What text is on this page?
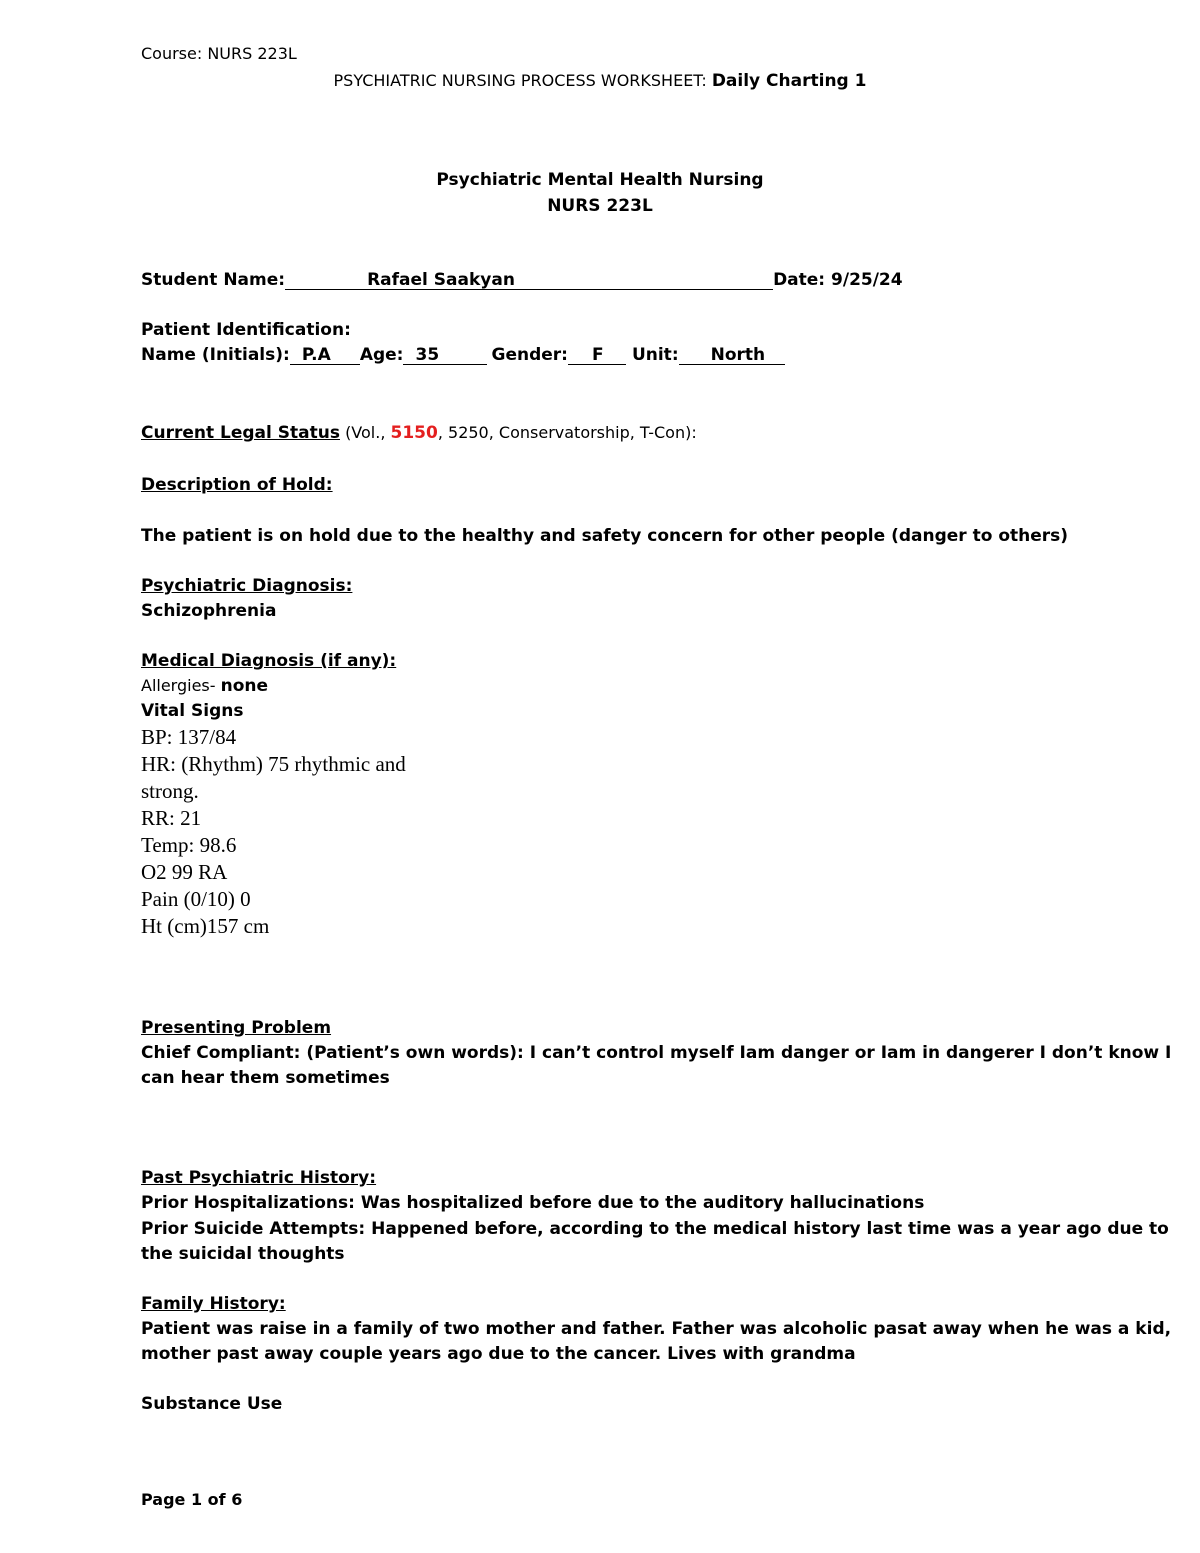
Course: NURS 223L
PSYCHIATRIC NURSING PROCESS WORKSHEET: Daily Charting 1
Psychiatric Mental Health Nursing
NURS 223L
Student Name:	Rafael Saakyan	Date: 9/25/24
Patient Identification:
Name (Initials): P.A Age: 35	Gender: F Unit: North
Current Legal Status (Vol., 5150, 5250, Conservatorship, T-Con):
Description of Hold:
The patient is on hold due to the healthy and safety concern for other people (danger to others)
Psychiatric Diagnosis:
Schizophrenia
Medical Diagnosis (if any):
Allergies- none
Vital Signs
BP: 137/84
HR: (Rhythm) 75 rhythmic and
strong.
RR: 21
Temp: 98.6
O2 99 RA
Pain (0/10) 0
Ht (cm)157 cm
Presenting Problem
Chief Compliant: (Patient’s own words): I can’t control myself Iam danger or Iam in dangerer I don’t know I
can hear them sometimes
Past Psychiatric History:
Prior Hospitalizations: Was hospitalized before due to the auditory hallucinations
Prior Suicide Attempts: Happened before, according to the medical history last time was a year ago due to
the suicidal thoughts
Family History:
Patient was raise in a family of two mother and father. Father was alcoholic pasat away when he was a kid,
mother past away couple years ago due to the cancer. Lives with grandma
Substance Use
Page 1 of 6
